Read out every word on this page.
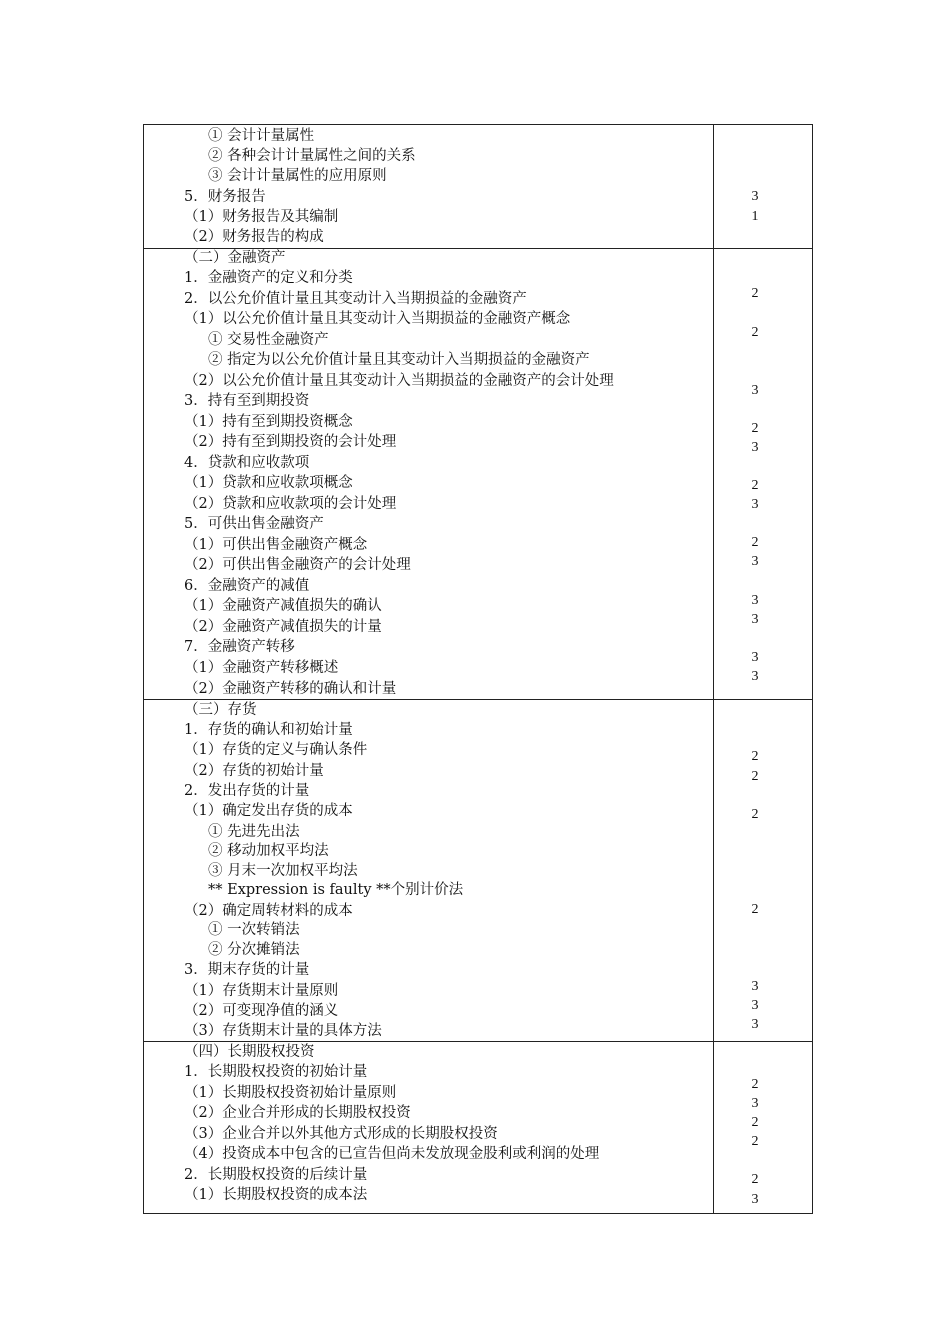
① 会计计量属性
② 各种会计计量属性之间的关系
③ 会计计量属性的应用原则
5．财务报告
（1）财务报告及其编制
（2）财务报告的构成
3
1
（二）金融资产
1．金融资产的定义和分类
2．以公允价值计量且其变动计入当期损益的金融资产
（1）以公允价值计量且其变动计入当期损益的金融资产概念
① 交易性金融资产
② 指定为以公允价值计量且其变动计入当期损益的金融资产
（2）以公允价值计量且其变动计入当期损益的金融资产的会计处理
3．持有至到期投资
（1）持有至到期投资概念
（2）持有至到期投资的会计处理
4．贷款和应收款项
（1）贷款和应收款项概念
（2）贷款和应收款项的会计处理
5．可供出售金融资产
（1）可供出售金融资产概念
（2）可供出售金融资产的会计处理
6．金融资产的减值
（1）金融资产减值损失的确认
（2）金融资产减值损失的计量
7．金融资产转移
（1）金融资产转移概述
（2）金融资产转移的确认和计量
2
2
3
2
3
2
3
2
3
3
3
3
3
（三）存货
1．存货的确认和初始计量
（1）存货的定义与确认条件
（2）存货的初始计量
2．发出存货的计量
（1）确定发出存货的成本
① 先进先出法
② 移动加权平均法
③ 月末一次加权平均法
** Expression is faulty **个别计价法
（2）确定周转材料的成本
① 一次转销法
② 分次摊销法
3．期末存货的计量
（1）存货期末计量原则
（2）可变现净值的涵义
（3）存货期末计量的具体方法
2
2
2
2
3
3
3
（四）长期股权投资
1．长期股权投资的初始计量
（1）长期股权投资初始计量原则
（2）企业合并形成的长期股权投资
（3）企业合并以外其他方式形成的长期股权投资
（4）投资成本中包含的已宣告但尚未发放现金股利或利润的处理
2．长期股权投资的后续计量
（1）长期股权投资的成本法
2
3
2
2
2
3
